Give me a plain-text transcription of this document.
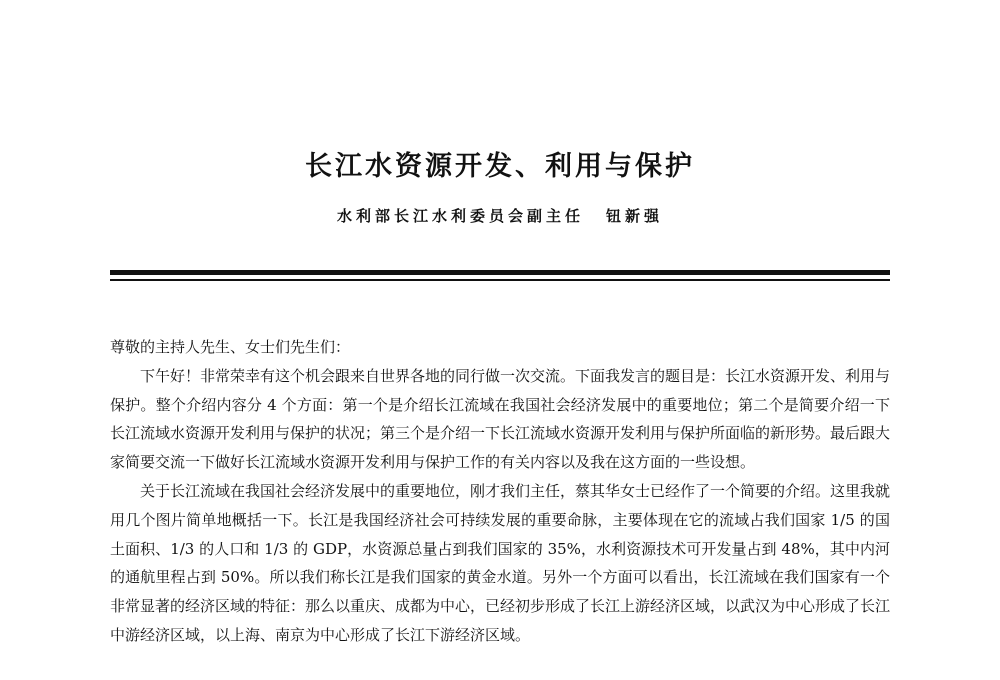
长江水资源开发、利用与保护
水利部长江水利委员会副主任 钮新强

尊敬的主持人先生、女士们先生们：

下午好！非常荣幸有这个机会跟来自世界各地的同行做一次交流。下面我发言的题目是：长江水资源开发、利用与保护。整个介绍内容分 4 个方面：第一个是介绍长江流域在我国社会经济发展中的重要地位；第二个是简要介绍一下长江流域水资源开发利用与保护的状况；第三个是介绍一下长江流域水资源开发利用与保护所面临的新形势。最后跟大家简要交流一下做好长江流域水资源开发利用与保护工作的有关内容以及我在这方面的一些设想。

关于长江流域在我国社会经济发展中的重要地位，刚才我们主任，蔡其华女士已经作了一个简要的介绍。这里我就用几个图片简单地概括一下。长江是我国经济社会可持续发展的重要命脉，主要体现在它的流域占我们国家 1/5 的国土面积、1/3 的人口和 1/3 的 GDP，水资源总量占到我们国家的 35%，水利资源技术可开发量占到 48%，其中内河的通航里程占到 50%。所以我们称长江是我们国家的黄金水道。另外一个方面可以看出，长江流域在我们国家有一个非常显著的经济区域的特征：那么以重庆、成都为中心，已经初步形成了长江上游经济区域，以武汉为中心形成了长江中游经济区域，以上海、南京为中心形成了长江下游经济区域。
